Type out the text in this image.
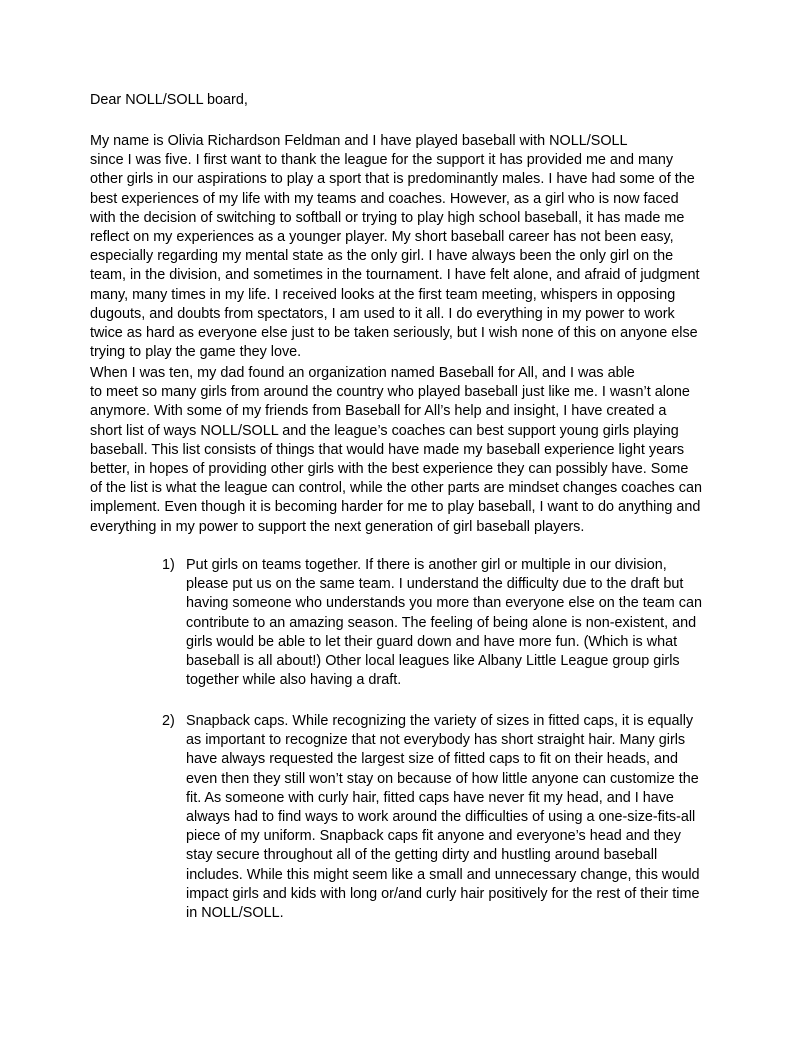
Dear NOLL/SOLL board,

My name is Olivia Richardson Feldman and I have played baseball with NOLL/SOLL
since I was five. I first want to thank the league for the support it has provided me and many
other girls in our aspirations to play a sport that is predominantly males. I have had some of the
best experiences of my life with my teams and coaches. However, as a girl who is now faced
with the decision of switching to softball or trying to play high school baseball, it has made me
reflect on my experiences as a younger player. My short baseball career has not been easy,
especially regarding my mental state as the only girl. I have always been the only girl on the
team, in the division, and sometimes in the tournament. I have felt alone, and afraid of judgment
many, many times in my life. I received looks at the first team meeting, whispers in opposing
dugouts, and doubts from spectators, I am used to it all. I do everything in my power to work
twice as hard as everyone else just to be taken seriously, but I wish none of this on anyone else
trying to play the game they love.

When I was ten, my dad found an organization named Baseball for All, and I was able
to meet so many girls from around the country who played baseball just like me. I wasn’t alone
anymore. With some of my friends from Baseball for All’s help and insight, I have created a
short list of ways NOLL/SOLL and the league’s coaches can best support young girls playing
baseball. This list consists of things that would have made my baseball experience light years
better, in hopes of providing other girls with the best experience they can possibly have. Some
of the list is what the league can control, while the other parts are mindset changes coaches can
implement. Even though it is becoming harder for me to play baseball, I want to do anything and
everything in my power to support the next generation of girl baseball players.

1) Put girls on teams together. If there is another girl or multiple in our division,
please put us on the same team. I understand the difficulty due to the draft but
having someone who understands you more than everyone else on the team can
contribute to an amazing season. The feeling of being alone is non-existent, and
girls would be able to let their guard down and have more fun. (Which is what
baseball is all about!) Other local leagues like Albany Little League group girls
together while also having a draft.

2) Snapback caps. While recognizing the variety of sizes in fitted caps, it is equally
as important to recognize that not everybody has short straight hair. Many girls
have always requested the largest size of fitted caps to fit on their heads, and
even then they still won’t stay on because of how little anyone can customize the
fit. As someone with curly hair, fitted caps have never fit my head, and I have
always had to find ways to work around the difficulties of using a one-size-fits-all
piece of my uniform. Snapback caps fit anyone and everyone’s head and they
stay secure throughout all of the getting dirty and hustling around baseball
includes. While this might seem like a small and unnecessary change, this would
impact girls and kids with long or/and curly hair positively for the rest of their time
in NOLL/SOLL.
